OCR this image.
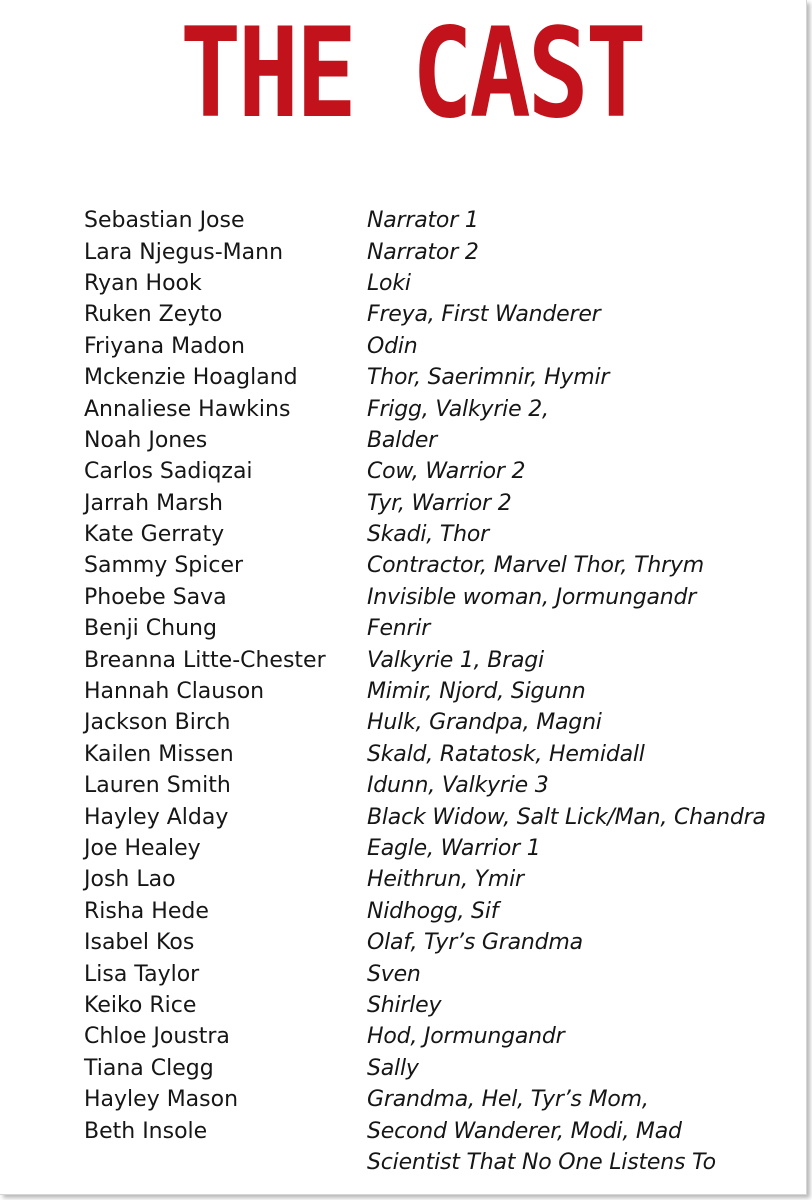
THE CAST
Sebastian Jose	Narrator 1
Lara Njegus-Mann	Narrator 2
Ryan Hook	Loki
Ruken Zeyto	Freya, First Wanderer
Friyana Madon	Odin
Mckenzie Hoagland	Thor, Saerimnir, Hymir
Annaliese Hawkins	Frigg, Valkyrie 2,
Noah Jones	Balder
Carlos Sadiqzai	Cow, Warrior 2
Jarrah Marsh	Tyr, Warrior 2
Kate Gerraty	Skadi, Thor
Sammy Spicer	Contractor, Marvel Thor, Thrym
Phoebe Sava	Invisible woman, Jormungandr
Benji Chung	Fenrir
Breanna Litte-Chester	Valkyrie 1, Bragi
Hannah Clauson	Mimir, Njord, Sigunn
Jackson Birch	Hulk, Grandpa, Magni
Kailen Missen	Skald, Ratatosk, Hemidall
Lauren Smith	Idunn, Valkyrie 3
Hayley Alday	Black Widow, Salt Lick/Man, Chandra
Joe Healey	Eagle, Warrior 1
Josh Lao	Heithrun, Ymir
Risha Hede	Nidhogg, Sif
Isabel Kos	Olaf, Tyr’s Grandma
Lisa Taylor	Sven
Keiko Rice	Shirley
Chloe Joustra	Hod, Jormungandr
Tiana Clegg	Sally
Hayley Mason	Grandma, Hel, Tyr’s Mom,
Beth Insole	Second Wanderer, Modi, Mad
Scientist That No One Listens To
